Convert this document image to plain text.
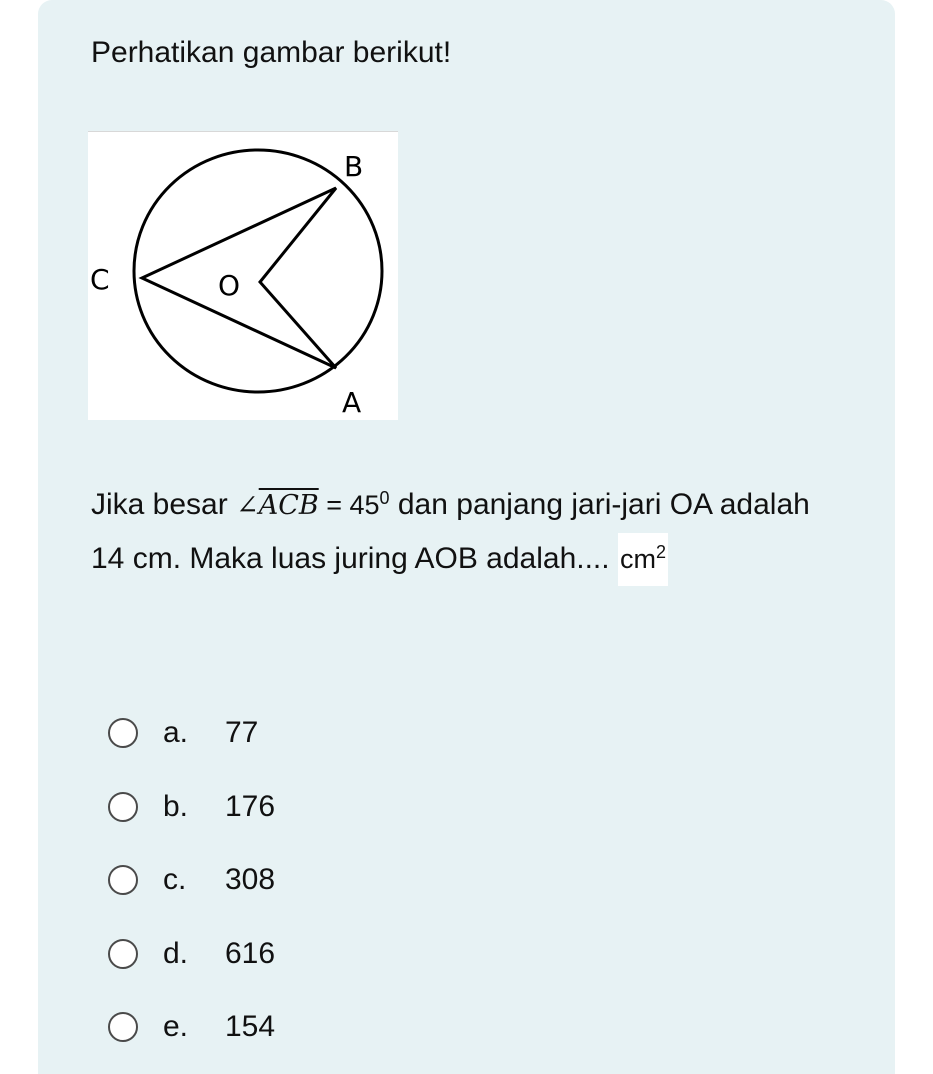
Perhatikan gambar berikut!
B
C	O
A
Jika besar $\angle\overline{ACB} = 45^0$ dan panjang jari-jari OA adalah 14 cm. Maka luas juring AOB adalah.... $cm^2$
a.	77
b.	176
c.	308
d.	616
e.	154
